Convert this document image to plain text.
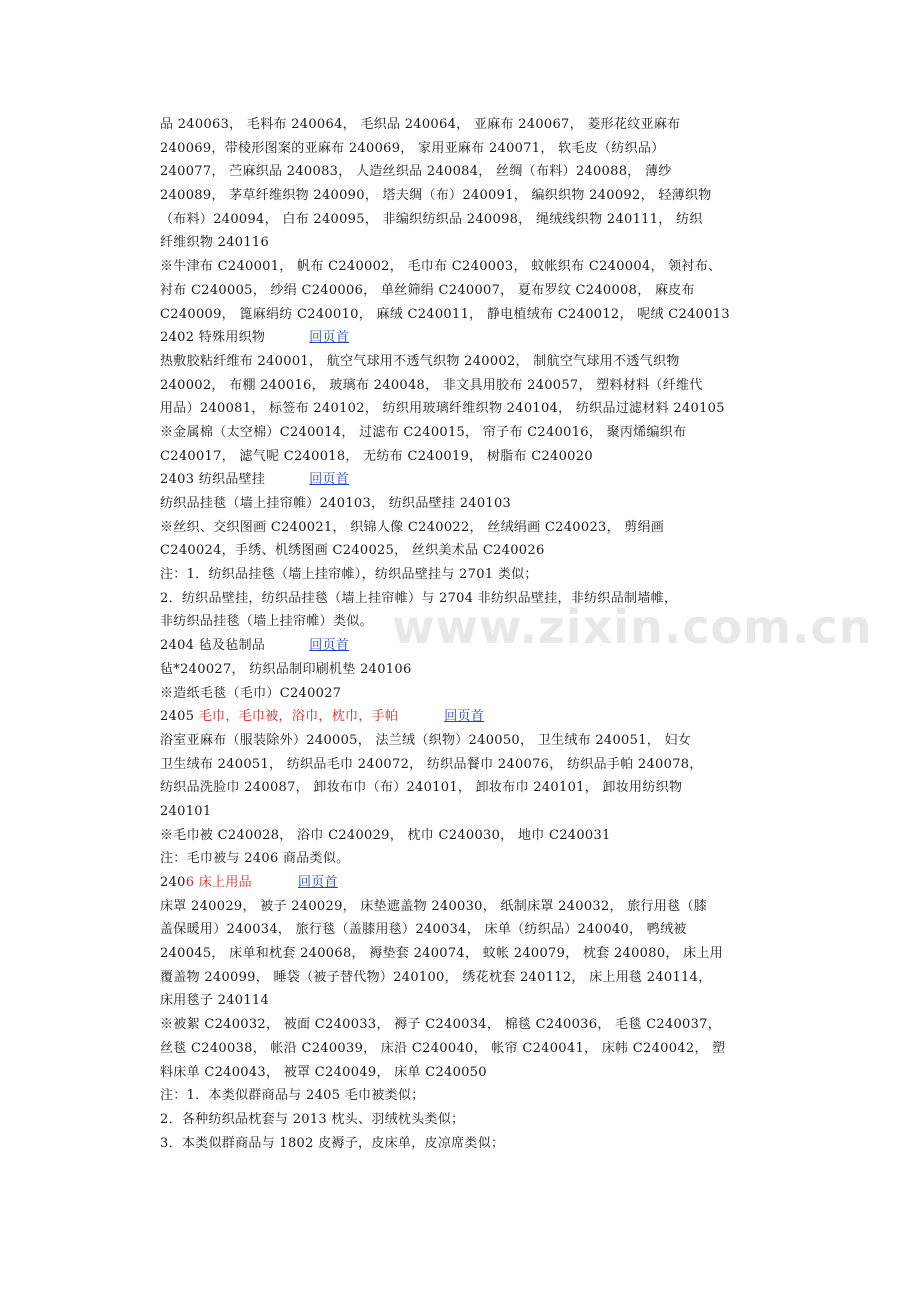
品 240063， 毛料布 240064， 毛织品 240064， 亚麻布 240067， 菱形花纹亚麻布
240069，带棱形图案的亚麻布 240069， 家用亚麻布 240071， 软毛皮（纺织品）
240077， 苎麻织品 240083， 人造丝织品 240084， 丝绸（布料）240088， 薄纱
240089， 茅草纤维织物 240090， 塔夫绸（布）240091， 编织织物 240092， 轻薄织物
（布料）240094， 白布 240095， 非编织纺织品 240098， 绳绒线织物 240111， 纺织
纤维织物 240116
※牛津布 C240001， 帆布 C240002， 毛巾布 C240003， 蚊帐织布 C240004， 领衬布、
衬布 C240005， 纱绢 C240006， 单丝筛绢 C240007， 夏布罗纹 C240008， 麻皮布
C240009， 篦麻绢纺 C240010， 麻绒 C240011， 静电植绒布 C240012， 呢绒 C240013
2402 特殊用织物	回页首
热敷胶粘纤维布 240001， 航空气球用不透气织物 240002， 制航空气球用不透气织物
240002， 布棚 240016， 玻璃布 240048， 非文具用胶布 240057， 塑料材料（纤维代
用品）240081， 标签布 240102， 纺织用玻璃纤维织物 240104， 纺织品过滤材料 240105
※金属棉（太空棉）C240014， 过滤布 C240015， 帘子布 C240016， 聚丙烯编织布
C240017， 滤气呢 C240018， 无纺布 C240019， 树脂布 C240020
2403 纺织品壁挂	回页首
纺织品挂毯（墙上挂帘帷）240103， 纺织品壁挂 240103
※丝织、交织图画 C240021， 织锦人像 C240022， 丝绒绢画 C240023， 剪绢画
C240024，手绣、机绣图画 C240025， 丝织美术品 C240026
注：1．纺织品挂毯（墙上挂帘帷），纺织品壁挂与 2701 类似；
2．纺织品壁挂，纺织品挂毯（墙上挂帘帷）与 2704 非纺织品壁挂，非纺织品制墙帷，
非纺织品挂毯（墙上挂帘帷）类似。
2404 毡及毡制品	回页首
毡*240027， 纺织品制印刷机垫 240106
※造纸毛毯（毛巾）C240027
2405 毛巾，毛巾被，浴巾，枕巾，手帕	回页首
浴室亚麻布（服装除外）240005， 法兰绒（织物）240050， 卫生绒布 240051， 妇女
卫生绒布 240051， 纺织品毛巾 240072， 纺织品餐巾 240076， 纺织品手帕 240078，
纺织品洗脸巾 240087， 卸妆布巾（布）240101， 卸妆布巾 240101， 卸妆用纺织物
240101
※毛巾被 C240028， 浴巾 C240029， 枕巾 C240030， 地巾 C240031
注：毛巾被与 2406 商品类似。
2406 床上用品	回页首
床罩 240029， 被子 240029， 床垫遮盖物 240030， 纸制床罩 240032， 旅行用毯（膝
盖保暖用）240034， 旅行毯（盖膝用毯）240034， 床单（纺织品）240040， 鸭绒被
240045， 床单和枕套 240068， 褥垫套 240074， 蚊帐 240079， 枕套 240080， 床上用
覆盖物 240099， 睡袋（被子替代物）240100， 绣花枕套 240112， 床上用毯 240114，
床用毯子 240114
※被絮 C240032， 被面 C240033， 褥子 C240034， 棉毯 C240036， 毛毯 C240037，
丝毯 C240038， 帐沿 C240039， 床沿 C240040， 帐帘 C240041， 床帏 C240042， 塑
料床单 C240043， 被罩 C240049， 床单 C240050
注：1．本类似群商品与 2405 毛巾被类似；
2．各种纺织品枕套与 2013 枕头、羽绒枕头类似；
3．本类似群商品与 1802 皮褥子，皮床单，皮凉席类似；
www.zixin.com.cn
